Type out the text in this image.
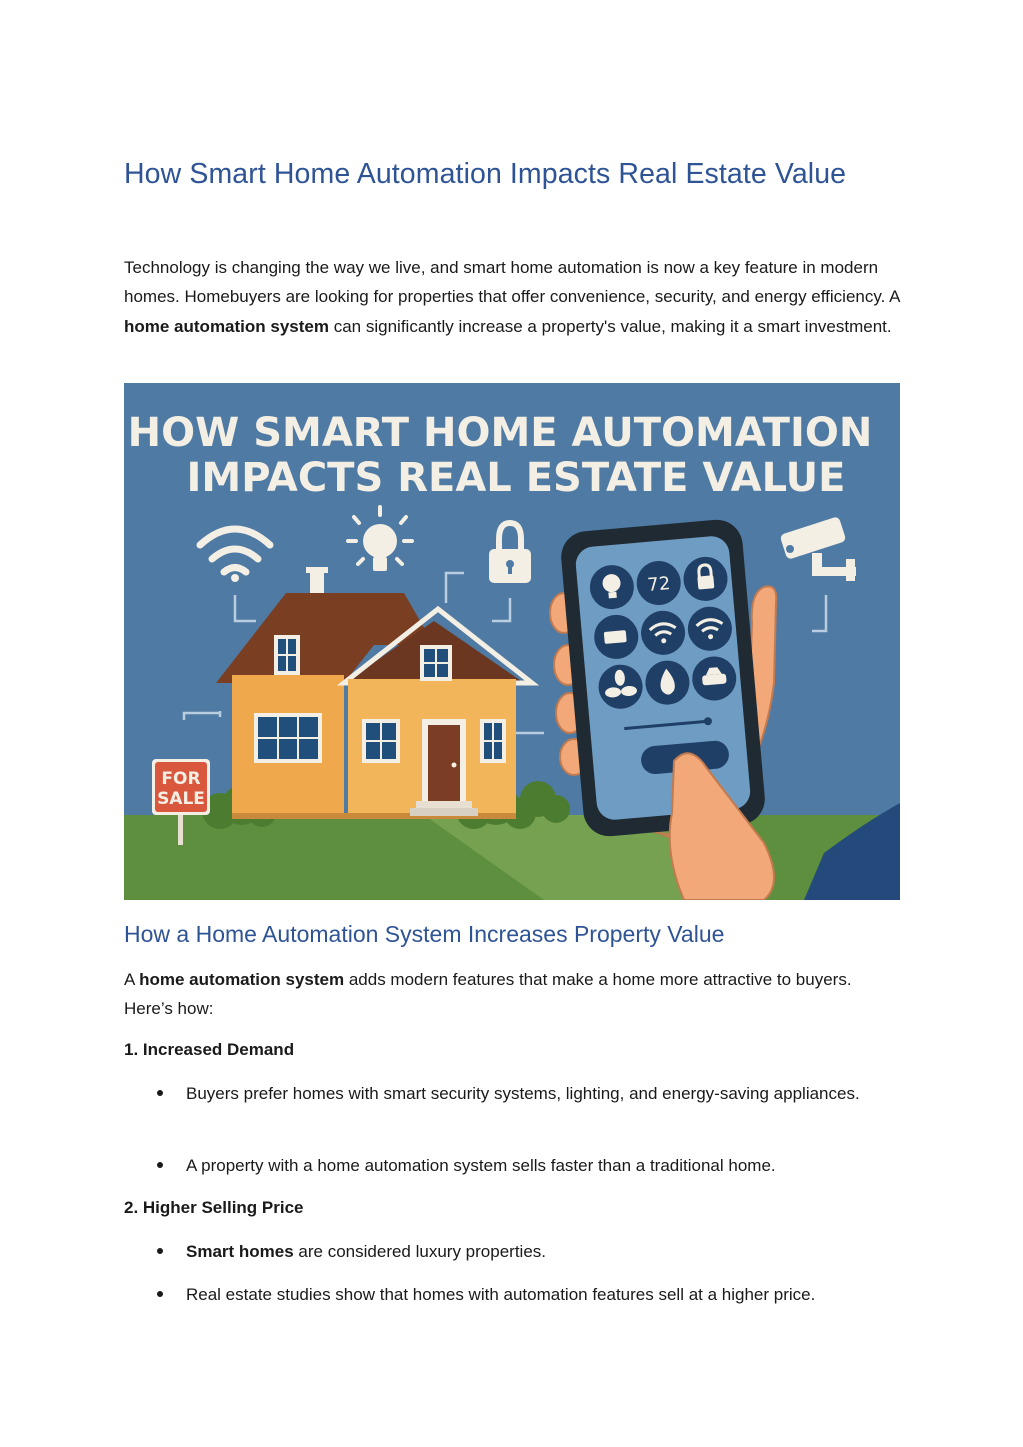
How Smart Home Automation Impacts Real Estate Value

Technology is changing the way we live, and smart home automation is now a key feature in modern homes. Homebuyers are looking for properties that offer convenience, security, and energy efficiency. A home automation system can significantly increase a property's value, making it a smart investment.

HOW SMART HOME AUTOMATION
IMPACTS REAL ESTATE VALUE
FOR
SALE
72
How a Home Automation System Increases Property Value

A home automation system adds modern features that make a home more attractive to buyers. Here’s how:

1. Increased Demand

Buyers prefer homes with smart security systems, lighting, and energy-saving appliances.

A property with a home automation system sells faster than a traditional home.

2. Higher Selling Price

Smart homes are considered luxury properties.

Real estate studies show that homes with automation features sell at a higher price.
